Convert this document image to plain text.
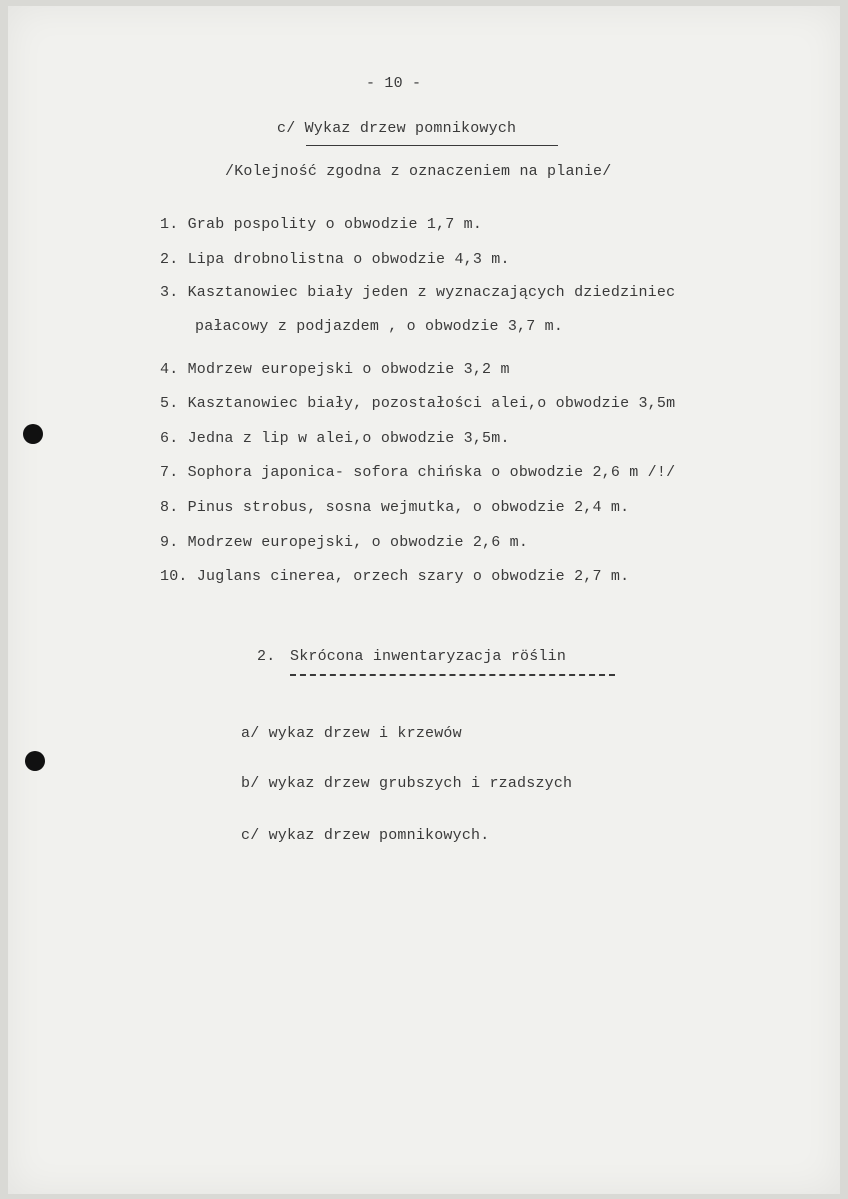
- 10 -
c/ Wykaz drzew pomnikowych
/Kolejność zgodna z oznaczeniem na planie/
1. Grab pospolity o obwodzie 1,7 m.
2. Lipa drobnolistna o obwodzie 4,3 m.
3. Kasztanowiec biały jeden z wyznaczających dziedziniec
pałacowy z podjazdem , o obwodzie 3,7 m.
4. Modrzew europejski o obwodzie 3,2 m
5. Kasztanowiec biały, pozostałości alei,o obwodzie 3,5m
6. Jedna z lip w alei,o obwodzie 3,5m.
7. Sophora japonica- sofora chińska o obwodzie 2,6 m /!/
8. Pinus strobus, sosna wejmutka, o obwodzie 2,4 m.
9. Modrzew europejski, o obwodzie 2,6 m.
10. Juglans cinerea, orzech szary o obwodzie 2,7 m.
2. Skrócona inwentaryzacja röślin
a/ wykaz drzew i krzewów
b/ wykaz drzew grubszych i rzadszych
c/ wykaz drzew pomnikowych.
